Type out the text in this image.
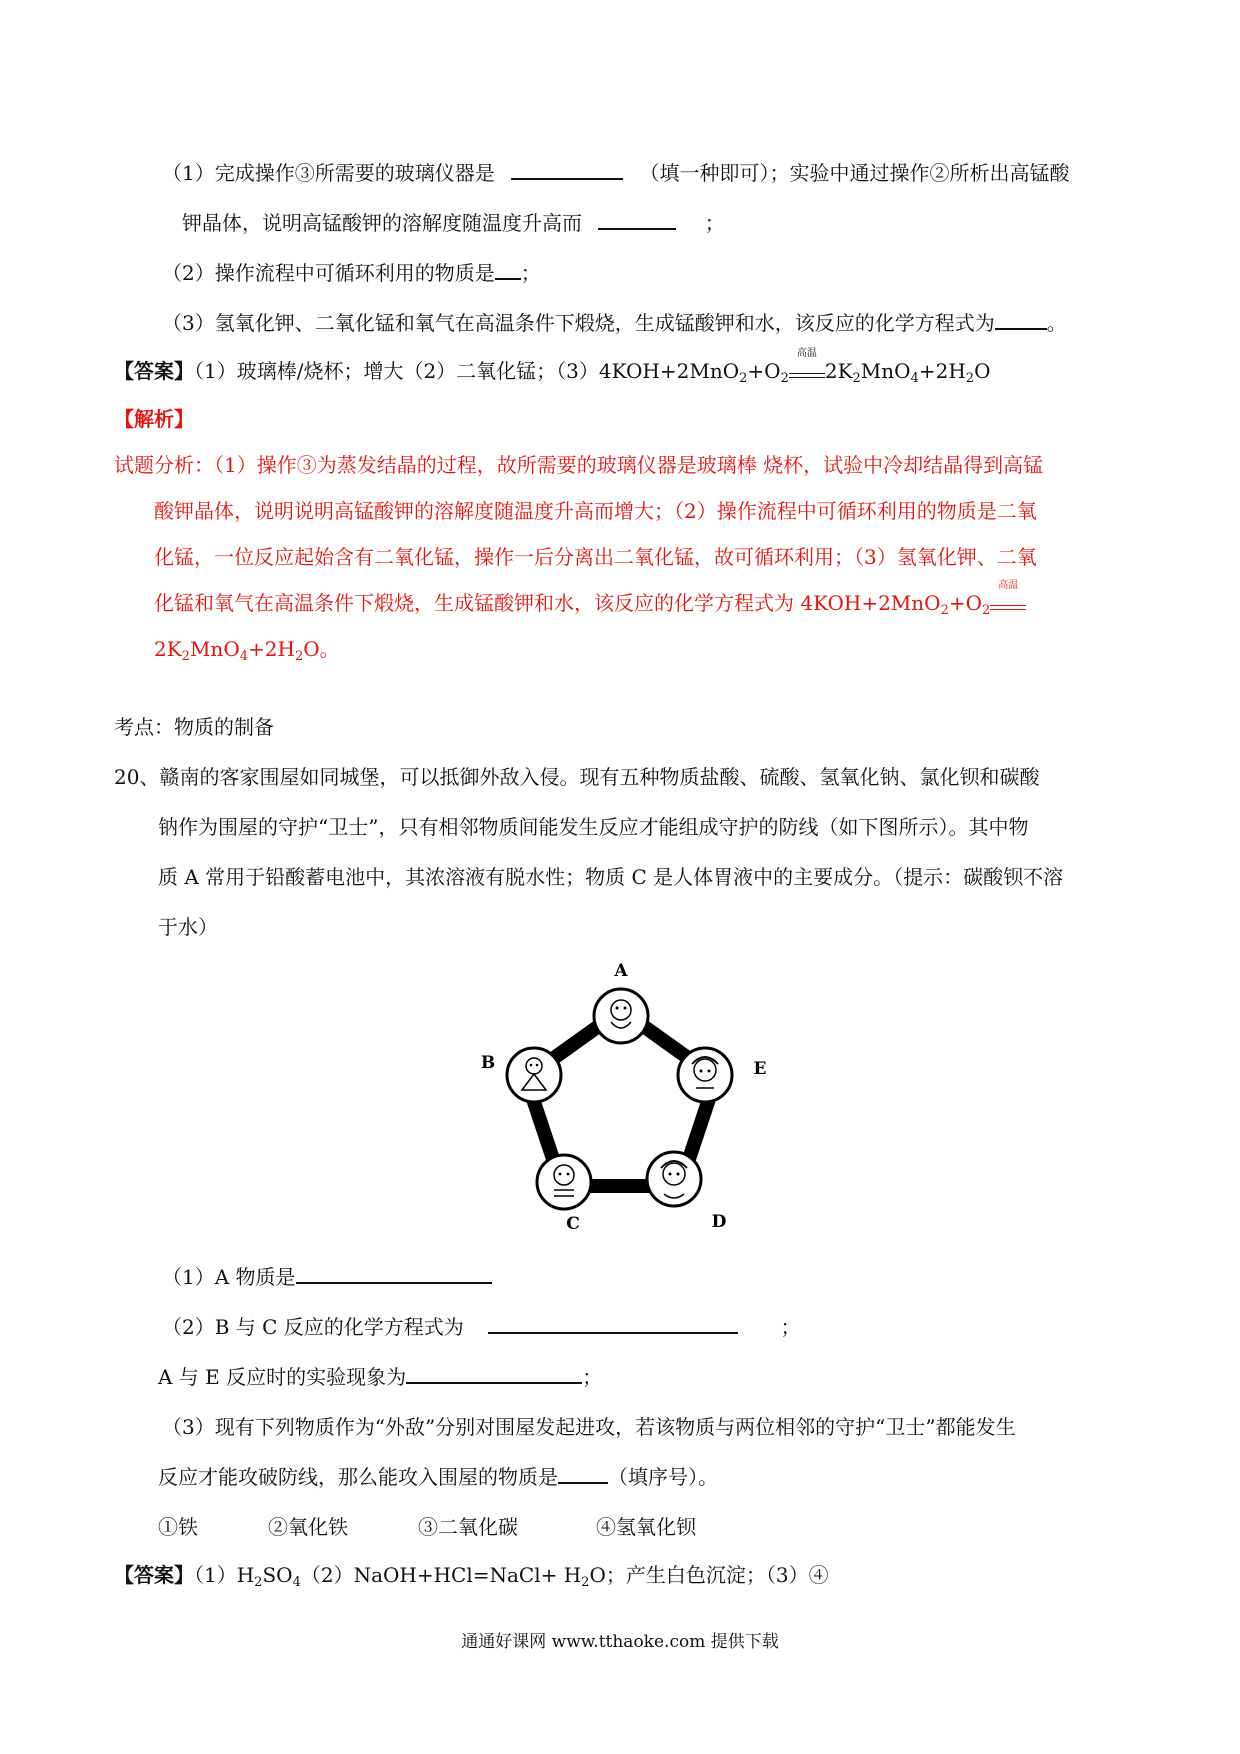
（1）完成操作③所需要的玻璃仪器是	（填一种即可）；实验中通过操作②所析出高锰酸
钾晶体，说明高锰酸钾的溶解度随温度升高而	；
（2）操作流程中可循环利用的物质是 ；
（3）氢氧化钾、二氧化锰和氧气在高温条件下煅烧，生成锰酸钾和水，该反应的化学方程式为	。
【答案】（1）玻璃棒/烧杯；增大（2）二氧化锰；$(3)4KOH+2MnO_2+O_2$
高温
$2K_2MnO_4+2H_2O$
【解析】
试题分析：（1）操作③为蒸发结晶的过程，故所需要的玻璃仪器是玻璃棒 烧杯，试验中冷却结晶得到高锰
酸钾晶体，说明说明高锰酸钾的溶解度随温度升高而增大；（2）操作流程中可循环利用的物质是二氧
化锰，一位反应起始含有二氧化锰，操作一后分离出二氧化锰，故可循环利用；（3）氢氧化钾、二氧
化锰和氧气在高温条件下煅烧，生成锰酸钾和水，该反应的化学方程式为 $4KOH+2MnO_2+O_2$
高温
$2K_2MnO_4+2H_2O$。
考点：物质的制备
20、赣南的客家围屋如同城堡，可以抵御外敌入侵。现有五种物质盐酸、硫酸、氢氧化钠、氯化钡和碳酸
钠作为围屋的守护“卫士”，只有相邻物质间能发生反应才能组成守护的防线（如下图所示）。其中物
质 A 常用于铅酸蓄电池中，其浓溶液有脱水性；物质 C 是人体胃液中的主要成分。（提示：碳酸钡不溶
于水）
A
B	E
C	D
（1）A 物质是
（2）B 与 C 反应的化学方程式为	；
A 与 E 反应时的实验现象为	；
（3）现有下列物质作为“外敌”分别对围屋发起进攻，若该物质与两位相邻的守护“卫士”都能发生
反应才能攻破防线，那么能攻入围屋的物质是	（填序号）。
①铁	②氧化铁	③二氧化碳	④氢氧化钡
【答案】$(1)H_2SO_4(2)NaOH+HCl=NaCl+ H_2O$；产生白色沉淀；（3）④
通通好课网 www.tthaoke.com 提供下载
